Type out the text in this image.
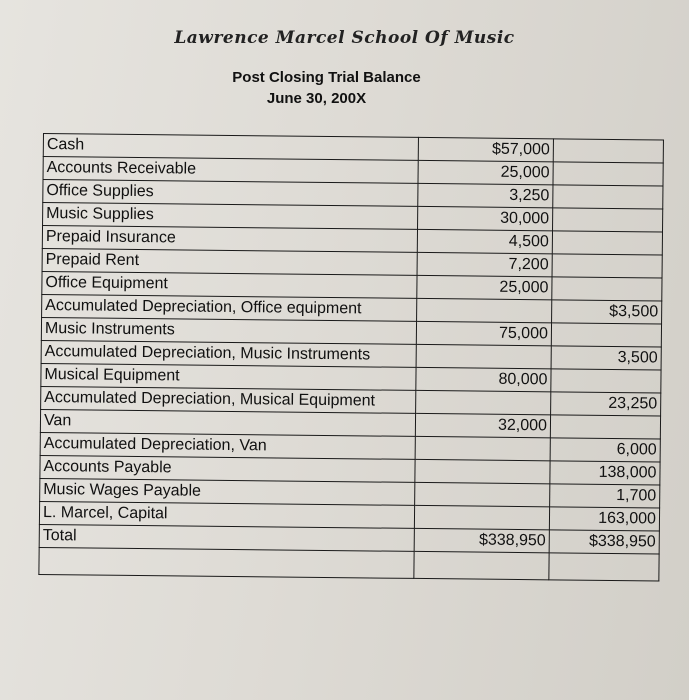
Lawrence Marcel School Of Music
Post Closing Trial Balance
June 30, 200X
Cash	$57,000	
Accounts Receivable	25,000	
Office Supplies	3,250	
Music Supplies	30,000	
Prepaid Insurance	4,500	
Prepaid Rent	7,200	
Office Equipment	25,000	
Accumulated Depreciation, Office equipment		$3,500
Music Instruments	75,000	
Accumulated Depreciation, Music Instruments		3,500
Musical Equipment	80,000	
Accumulated Depreciation, Musical Equipment		23,250
Van	32,000	
Accumulated Depreciation, Van		6,000
Accounts Payable		138,000
Music Wages Payable		1,700
L. Marcel, Capital		163,000
Total	$338,950	$338,950
